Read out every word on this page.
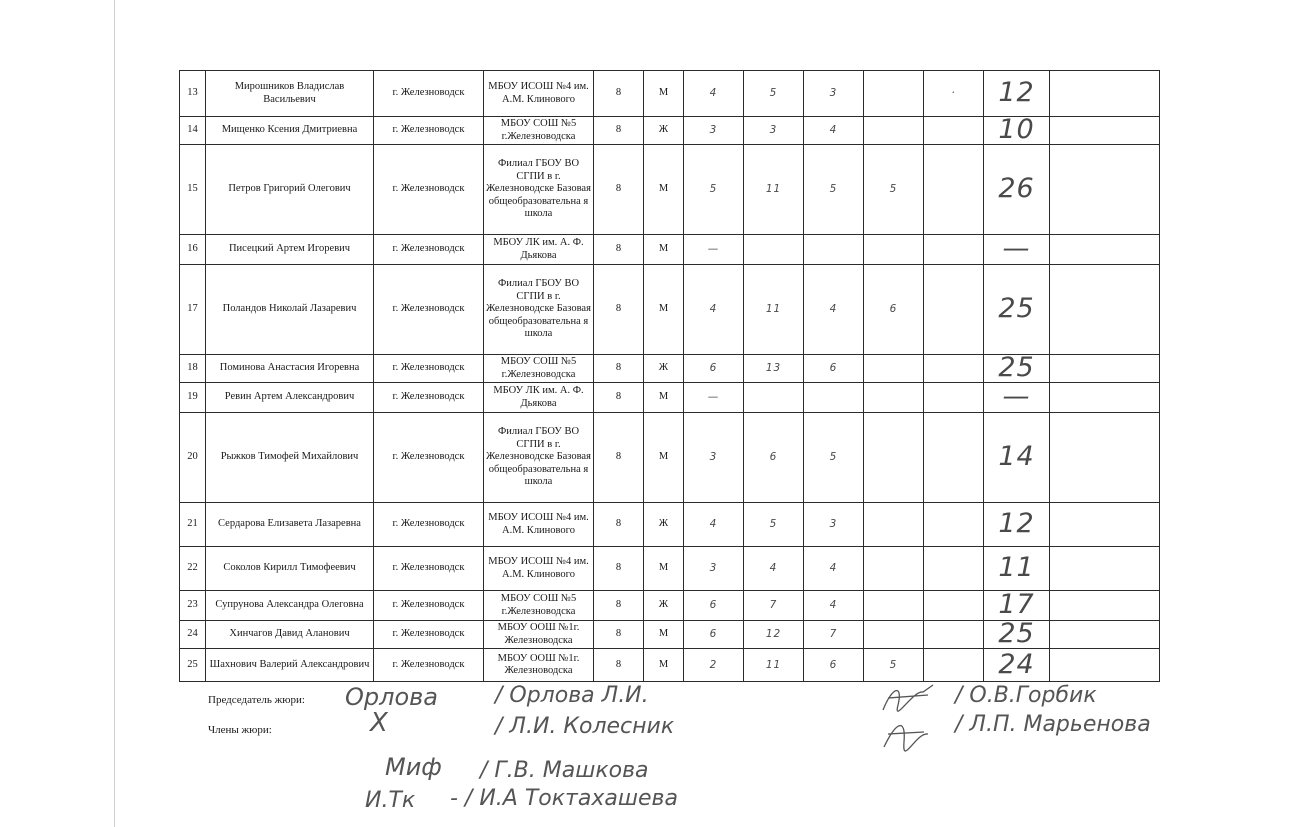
13	Мирошников Владислав Васильевич	г. Железноводск	МБОУ ИСОШ №4 им. А.М. Клинового	8	М	4	5	3		·	12	
14	Мищенко Ксения Дмитриевна	г. Железноводск	МБОУ СОШ №5 г.Железноводска	8	Ж	3	3	4			10	
15	Петров Григорий Олегович	г. Железноводск	Филиал ГБОУ ВО СГПИ в г. Железноводске Базовая общеобразовательна я школа	8	М	5	11	5	5		26	
16	Писецкий Артем Игоревич	г. Железноводск	МБОУ ЛК им. А. Ф. Дьякова	8	М	—					—	
17	Поландов Николай Лазаревич	г. Железноводск	Филиал ГБОУ ВО СГПИ в г. Железноводске Базовая общеобразовательна я школа	8	М	4	11	4	6		25	
18	Поминова Анастасия Игоревна	г. Железноводск	МБОУ СОШ №5 г.Железноводска	8	Ж	6	13	6			25	
19	Ревин Артем Александрович	г. Железноводск	МБОУ ЛК им. А. Ф. Дьякова	8	М	—					—	
20	Рыжков Тимофей Михайлович	г. Железноводск	Филиал ГБОУ ВО СГПИ в г. Железноводске Базовая общеобразовательна я школа	8	М	3	6	5			14	
21	Сердарова Елизавета Лазаревна	г. Железноводск	МБОУ ИСОШ №4 им. А.М. Клинового	8	Ж	4	5	3			12	
22	Соколов Кирилл Тимофеевич	г. Железноводск	МБОУ ИСОШ №4 им. А.М. Клинового	8	М	3	4	4			11	
23	Супрунова Александра Олеговна	г. Железноводск	МБОУ СОШ №5 г.Железноводска	8	Ж	6	7	4			17	
24	Хинчагов Давид Аланович	г. Железноводск	МБОУ ООШ №1г. Железноводска	8	М	6	12	7			25	
25	Шахнович Валерий Александрович	г. Железноводск	МБОУ ООШ №1г. Железноводска	8	М	2	11	6	5		24	
Председатель жюри:
Члены жюри:
Орлова	/ Орлова Л.И.	/ О.В.Горбик
Х	/ Л.И. Колесник	/ Л.П. Марьенова
Миф / Г.В. Машкова
И.Тк - / И.А Токтахашева
